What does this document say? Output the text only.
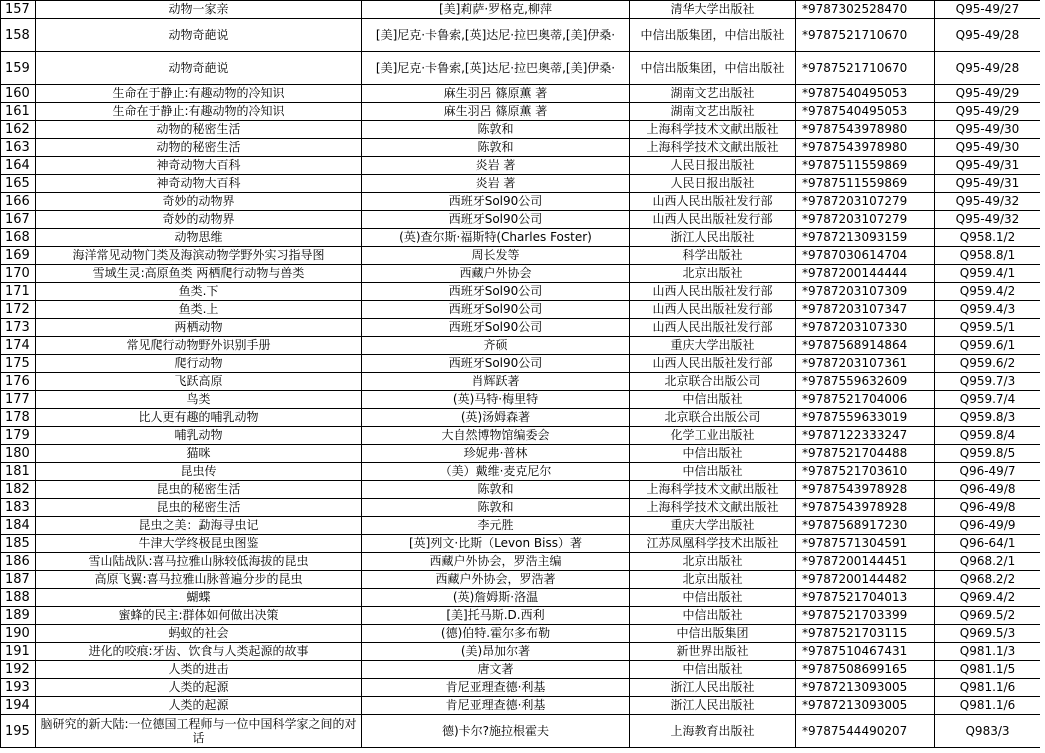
157	动物一家亲	[美]莉萨·罗格克,柳萍	清华大学出版社	*9787302528470	Q95-49/27
158	动物奇葩说	[美]尼克·卡鲁索,[英]达尼·拉巴奥蒂,[美]伊桑·	中信出版集团，中信出版社	*9787521710670	Q95-49/28
159	动物奇葩说	[美]尼克·卡鲁索,[英]达尼·拉巴奥蒂,[美]伊桑·	中信出版集团，中信出版社	*9787521710670	Q95-49/28
160	生命在于静止:有趣动物的冷知识	麻生羽呂 篠原薫 著	湖南文艺出版社	*9787540495053	Q95-49/29
161	生命在于静止:有趣动物的冷知识	麻生羽呂 篠原薫 著	湖南文艺出版社	*9787540495053	Q95-49/29
162	动物的秘密生活	陈敦和	上海科学技术文献出版社	*9787543978980	Q95-49/30
163	动物的秘密生活	陈敦和	上海科学技术文献出版社	*9787543978980	Q95-49/30
164	神奇动物大百科	炎岩 著	人民日报出版社	*9787511559869	Q95-49/31
165	神奇动物大百科	炎岩 著	人民日报出版社	*9787511559869	Q95-49/31
166	奇妙的动物界	西班牙Sol90公司	山西人民出版社发行部	*9787203107279	Q95-49/32
167	奇妙的动物界	西班牙Sol90公司	山西人民出版社发行部	*9787203107279	Q95-49/32
168	动物思维	(英)查尔斯·福斯特(Charles Foster)	浙江人民出版社	*9787213093159	Q958.1/2
169	海洋常见动物门类及海滨动物学野外实习指导图	周长发等	科学出版社	*9787030614704	Q958.8/1
170	雪域生灵:高原鱼类 两栖爬行动物与兽类	西藏户外协会	北京出版社	*9787200144444	Q959.4/1
171	鱼类.下	西班牙Sol90公司	山西人民出版社发行部	*9787203107309	Q959.4/2
172	鱼类.上	西班牙Sol90公司	山西人民出版社发行部	*9787203107347	Q959.4/3
173	两栖动物	西班牙Sol90公司	山西人民出版社发行部	*9787203107330	Q959.5/1
174	常见爬行动物野外识别手册	齐硕	重庆大学出版社	*9787568914864	Q959.6/1
175	爬行动物	西班牙Sol90公司	山西人民出版社发行部	*9787203107361	Q959.6/2
176	飞跃高原	肖辉跃著	北京联合出版公司	*9787559632609	Q959.7/3
177	鸟类	(英)马特·梅里特	中信出版社	*9787521704006	Q959.7/4
178	比人更有趣的哺乳动物	(英)汤姆森著	北京联合出版公司	*9787559633019	Q959.8/3
179	哺乳动物	大自然博物馆编委会	化学工业出版社	*9787122333247	Q959.8/4
180	猫咪	珍妮弗·普林	中信出版社	*9787521704488	Q959.8/5
181	昆虫传	（美）戴维·麦克尼尔	中信出版社	*9787521703610	Q96-49/7
182	昆虫的秘密生活	陈敦和	上海科学技术文献出版社	*9787543978928	Q96-49/8
183	昆虫的秘密生活	陈敦和	上海科学技术文献出版社	*9787543978928	Q96-49/8
184	昆虫之美：勐海寻虫记	李元胜	重庆大学出版社	*9787568917230	Q96-49/9
185	牛津大学终极昆虫图鉴	[英]列文·比斯（Levon Biss）著	江苏凤凰科学技术出版社	*9787571304591	Q96-64/1
186	雪山陆战队:喜马拉雅山脉较低海拔的昆虫	西藏户外协会，罗浩主编	北京出版社	*9787200144451	Q968.2/1
187	高原飞翼:喜马拉雅山脉普遍分步的昆虫	西藏户外协会，罗浩著	北京出版社	*9787200144482	Q968.2/2
188	蝴蝶	(英)詹姆斯·洛温	中信出版社	*9787521704013	Q969.4/2
189	蜜蜂的民主:群体如何做出决策	[美]托马斯.D.西利	中信出版社	*9787521703399	Q969.5/2
190	蚂蚁的社会	(德)伯特.霍尔多布勒	中信出版集团	*9787521703115	Q969.5/3
191	进化的咬痕:牙齿、饮食与人类起源的故事	(美)昂加尔著	新世界出版社	*9787510467431	Q981.1/3
192	人类的进击	唐文著	中信出版社	*9787508699165	Q981.1/5
193	人类的起源	肯尼亚理查德·利基	浙江人民出版社	*9787213093005	Q981.1/6
194	人类的起源	肯尼亚理查德·利基	浙江人民出版社	*9787213093005	Q981.1/6
195	脑研究的新大陆:一位德国工程师与一位中国科学家之间的对话	德)卡尔?施拉根霍夫	上海教育出版社	*9787544490207	Q983/3
